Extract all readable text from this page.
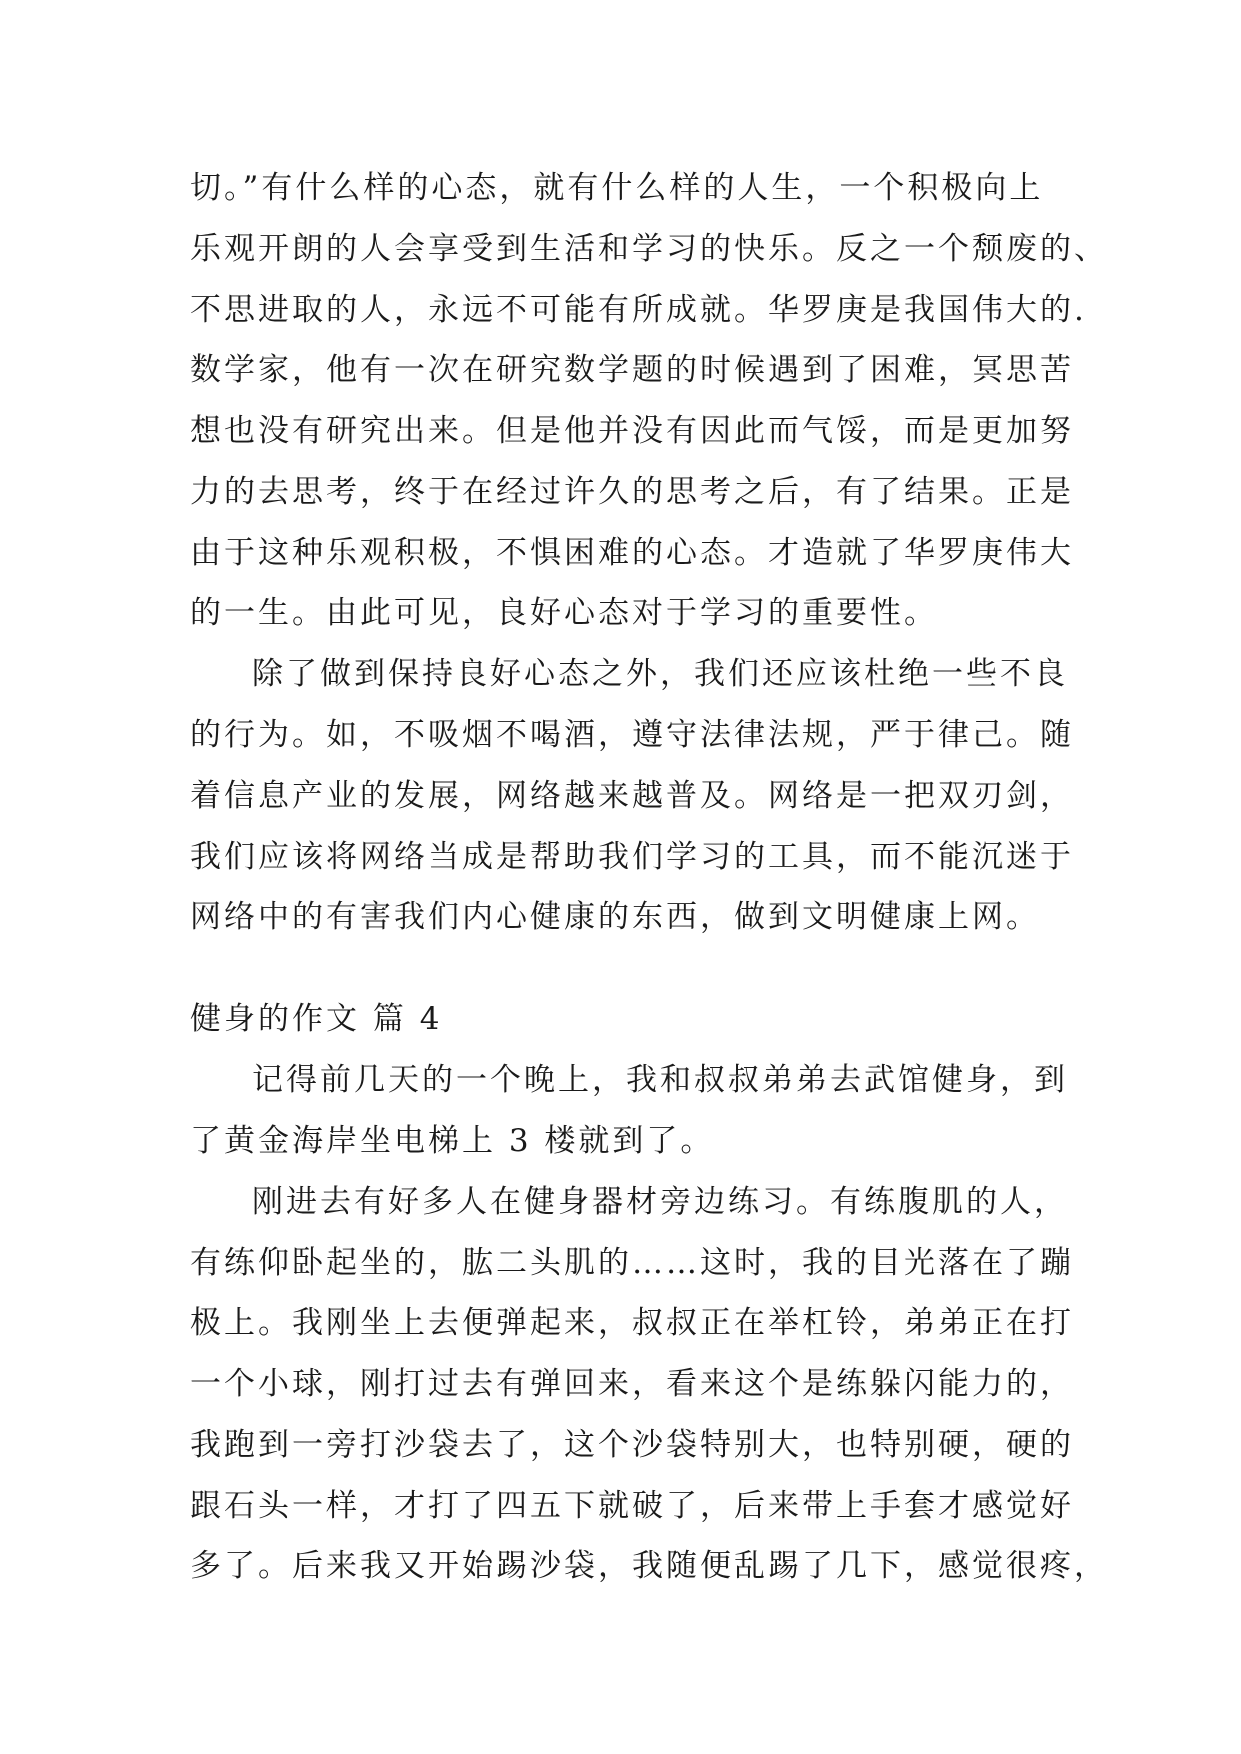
切。”有什么样的心态，就有什么样的人生，一个积极向上
乐观开朗的人会享受到生活和学习的快乐。反之一个颓废的、
不思进取的人，永远不可能有所成就。华罗庚是我国伟大的.
数学家，他有一次在研究数学题的时候遇到了困难，冥思苦
想也没有研究出来。但是他并没有因此而气馁，而是更加努
力的去思考，终于在经过许久的思考之后，有了结果。正是
由于这种乐观积极，不惧困难的心态。才造就了华罗庚伟大
的一生。由此可见，良好心态对于学习的重要性。
除了做到保持良好心态之外，我们还应该杜绝一些不良
的行为。如，不吸烟不喝酒，遵守法律法规，严于律己。随
着信息产业的发展，网络越来越普及。网络是一把双刃剑，
我们应该将网络当成是帮助我们学习的工具，而不能沉迷于
网络中的有害我们内心健康的东西，做到文明健康上网。
健身的作文 篇 4
记得前几天的一个晚上，我和叔叔弟弟去武馆健身，到
了黄金海岸坐电梯上 3 楼就到了。
刚进去有好多人在健身器材旁边练习。有练腹肌的人，
有练仰卧起坐的，肱二头肌的……这时，我的目光落在了蹦
极上。我刚坐上去便弹起来，叔叔正在举杠铃，弟弟正在打
一个小球，刚打过去有弹回来，看来这个是练躲闪能力的，
我跑到一旁打沙袋去了，这个沙袋特别大，也特别硬，硬的
跟石头一样，才打了四五下就破了，后来带上手套才感觉好
多了。后来我又开始踢沙袋，我随便乱踢了几下，感觉很疼，
